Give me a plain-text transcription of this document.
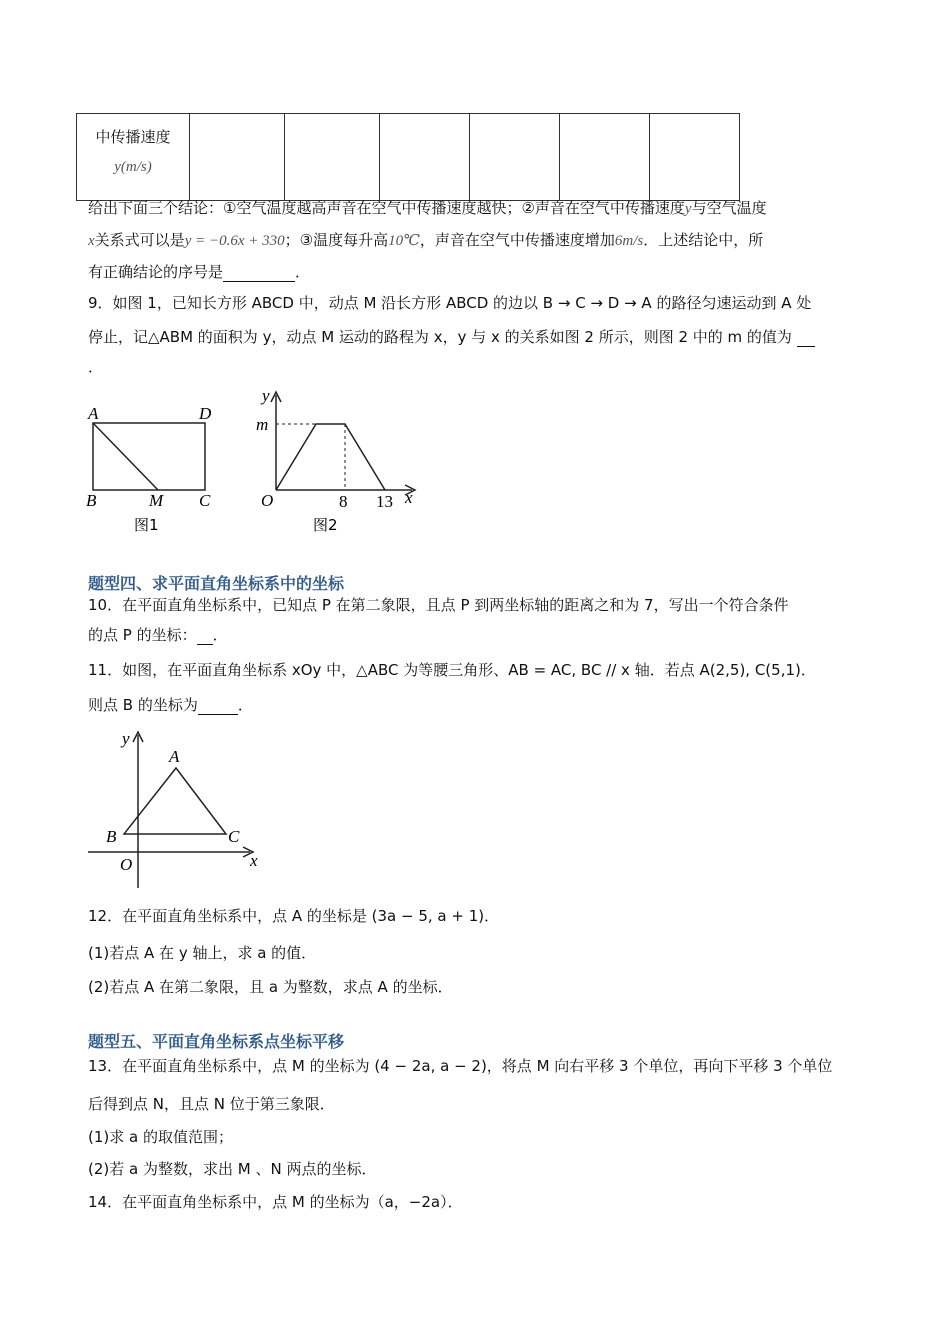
中传播速度
y(m/s)

给出下面三个结论：①空气温度越高声音在空气中传播速度越快；②声音在空气中传播速度y与空气温度
x关系式可以是y = −0.6x + 330；③温度每升高10℃，声音在空气中传播速度增加6m/s．上述结论中，所
有正确结论的序号是	．
9．如图 1，已知长方形 ABCD 中，动点 M 沿长方形 ABCD 的边以 B → C → D → A 的路径匀速运动到 A 处
停止，记△ABM 的面积为 y，动点 M 运动的路程为 x，y 与 x 的关系如图 2 所示，则图 2 中的 m 的值为
．
A	D
B	M C
图1
y
m
O	8 13 x
图2
题型四、求平面直角坐标系中的坐标
10．在平面直角坐标系中，已知点 P 在第二象限，且点 P 到两坐标轴的距离之和为 7，写出一个符合条件
的点 P 的坐标： ．
11．如图，在平面直角坐标系 xOy 中，△ABC 为等腰三角形、AB = AC, BC // x 轴．若点 A(2,5), C(5,1)．
则点 B 的坐标为	．
y
A
B	C
O	x
12．在平面直角坐标系中，点 A 的坐标是 (3a − 5, a + 1)．
(1)若点 A 在 y 轴上，求 a 的值．
(2)若点 A 在第二象限，且 a 为整数，求点 A 的坐标．
题型五、平面直角坐标系点坐标平移
13．在平面直角坐标系中，点 M 的坐标为 (4 − 2a, a − 2)，将点 M 向右平移 3 个单位，再向下平移 3 个单位
后得到点 N，且点 N 位于第三象限．
(1)求 a 的取值范围；
(2)若 a 为整数，求出 M 、N 两点的坐标．
14．在平面直角坐标系中，点 M 的坐标为（a，−2a）．
